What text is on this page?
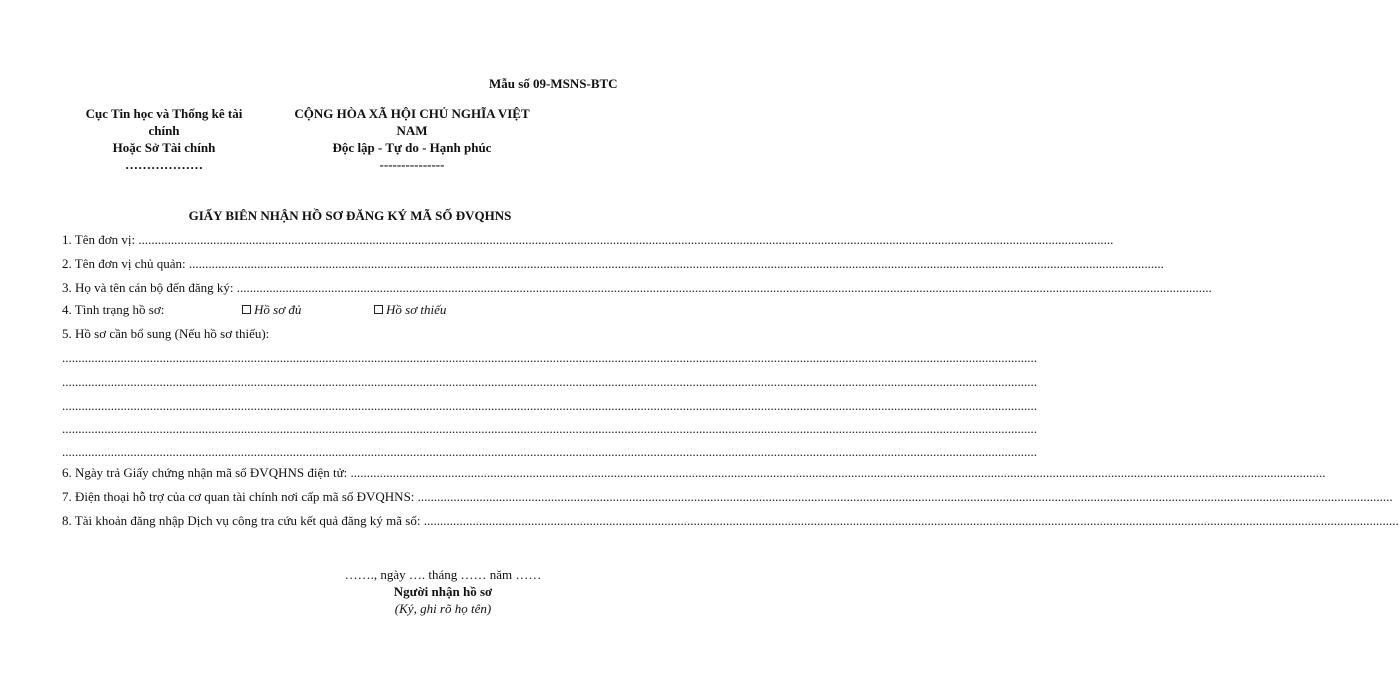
Mẫu số 09-MSNS-BTC
Cục Tin học và Thống kê tài
chính
Hoặc Sở Tài chính
………………
CỘNG HÒA XÃ HỘI CHỦ NGHĨA VIỆT
NAM
Độc lập - Tự do - Hạnh phúc
---------------
GIẤY BIÊN NHẬN HỒ SƠ ĐĂNG KÝ MÃ SỐ ĐVQHNS
1. Tên đơn vị: ............................................................................................................................................................................................................................................................................................................
2. Tên đơn vị chủ quản: ............................................................................................................................................................................................................................................................................................................
3. Họ và tên cán bộ đến đăng ký: ............................................................................................................................................................................................................................................................................................................
4. Tình trạng hồ sơ:	Hồ sơ đủ	Hồ sơ thiếu
5. Hồ sơ cần bổ sung (Nếu hồ sơ thiếu):
............................................................................................................................................................................................................................................................................................................
............................................................................................................................................................................................................................................................................................................
............................................................................................................................................................................................................................................................................................................
............................................................................................................................................................................................................................................................................................................
............................................................................................................................................................................................................................................................................................................
6. Ngày trả Giấy chứng nhận mã số ĐVQHNS điện tử: ............................................................................................................................................................................................................................................................................................................
7. Điện thoại hỗ trợ của cơ quan tài chính nơi cấp mã số ĐVQHNS: ............................................................................................................................................................................................................................................................................................................
8. Tài khoản đăng nhập Dịch vụ công tra cứu kết quả đăng ký mã số: ............................................................................................................................................................................................................................................................................................................
……., ngày …. tháng …… năm ……
Người nhận hồ sơ
(Ký, ghi rõ họ tên)
